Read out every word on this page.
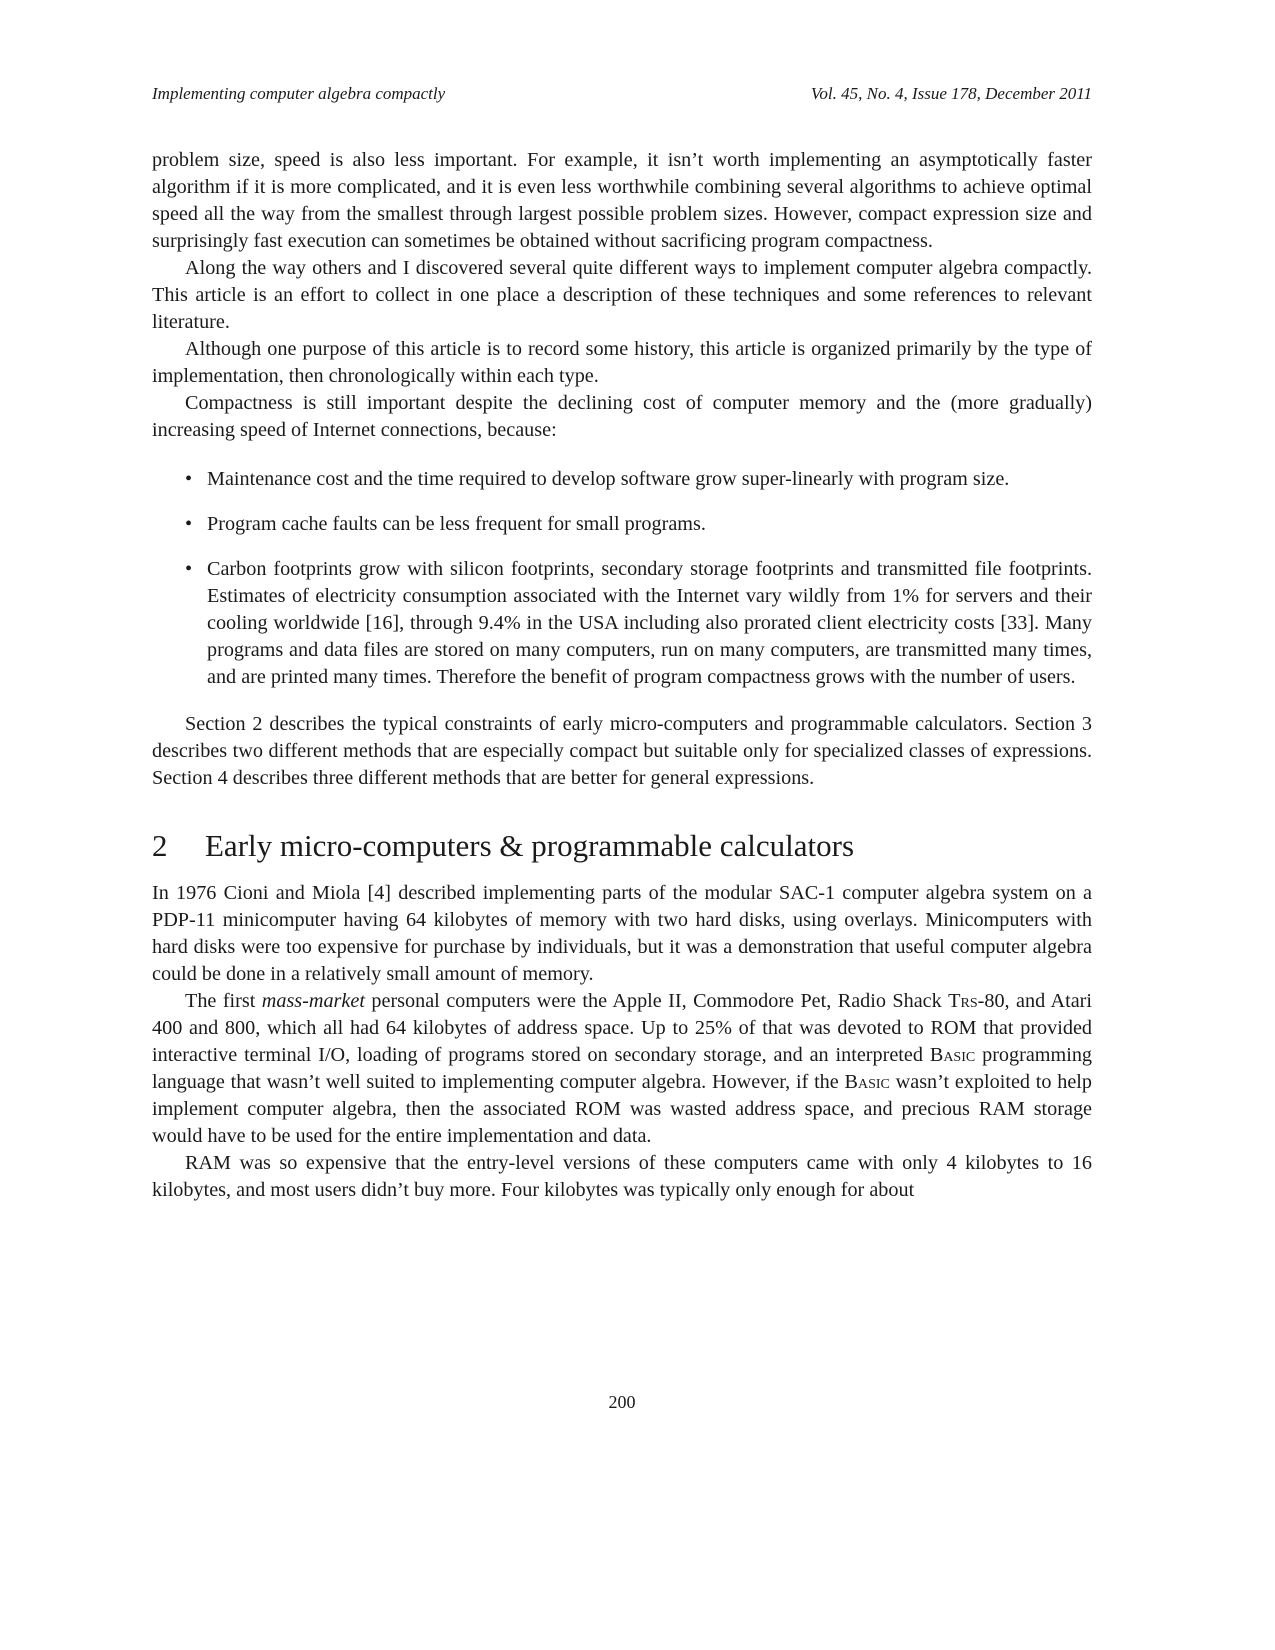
Implementing computer algebra compactly	Vol. 45, No. 4, Issue 178, December 2011

problem size, speed is also less important. For example, it isn’t worth implementing an asymptotically faster algorithm if it is more complicated, and it is even less worthwhile combining several algorithms to achieve optimal speed all the way from the smallest through largest possible problem sizes. However, compact expression size and surprisingly fast execution can sometimes be obtained without sacrificing program compactness.

Along the way others and I discovered several quite different ways to implement computer algebra compactly. This article is an effort to collect in one place a description of these techniques and some references to relevant literature.

Although one purpose of this article is to record some history, this article is organized primarily by the type of implementation, then chronologically within each type.

Compactness is still important despite the declining cost of computer memory and the (more gradually) increasing speed of Internet connections, because:

• Maintenance cost and the time required to develop software grow super-linearly with program size.
• Program cache faults can be less frequent for small programs.
• Carbon footprints grow with silicon footprints, secondary storage footprints and transmitted file footprints. Estimates of electricity consumption associated with the Internet vary wildly from 1% for servers and their cooling worldwide [16], through 9.4% in the USA including also prorated client electricity costs [33]. Many programs and data files are stored on many computers, run on many computers, are transmitted many times, and are printed many times. Therefore the benefit of program compactness grows with the number of users.

Section 2 describes the typical constraints of early micro-computers and programmable calculators. Section 3 describes two different methods that are especially compact but suitable only for specialized classes of expressions. Section 4 describes three different methods that are better for general expressions.

2	Early micro-computers & programmable calculators

In 1976 Cioni and Miola [4] described implementing parts of the modular SAC-1 computer algebra system on a PDP-11 minicomputer having 64 kilobytes of memory with two hard disks, using overlays. Minicomputers with hard disks were too expensive for purchase by individuals, but it was a demonstration that useful computer algebra could be done in a relatively small amount of memory.

The first mass-market personal computers were the Apple II, Commodore Pet, Radio Shack Trs-80, and Atari 400 and 800, which all had 64 kilobytes of address space. Up to 25% of that was devoted to ROM that provided interactive terminal I/O, loading of programs stored on secondary storage, and an interpreted Basic programming language that wasn’t well suited to implementing computer algebra. However, if the Basic wasn’t exploited to help implement computer algebra, then the associated ROM was wasted address space, and precious RAM storage would have to be used for the entire implementation and data.

RAM was so expensive that the entry-level versions of these computers came with only 4 kilobytes to 16 kilobytes, and most users didn’t buy more. Four kilobytes was typically only enough for about

200
